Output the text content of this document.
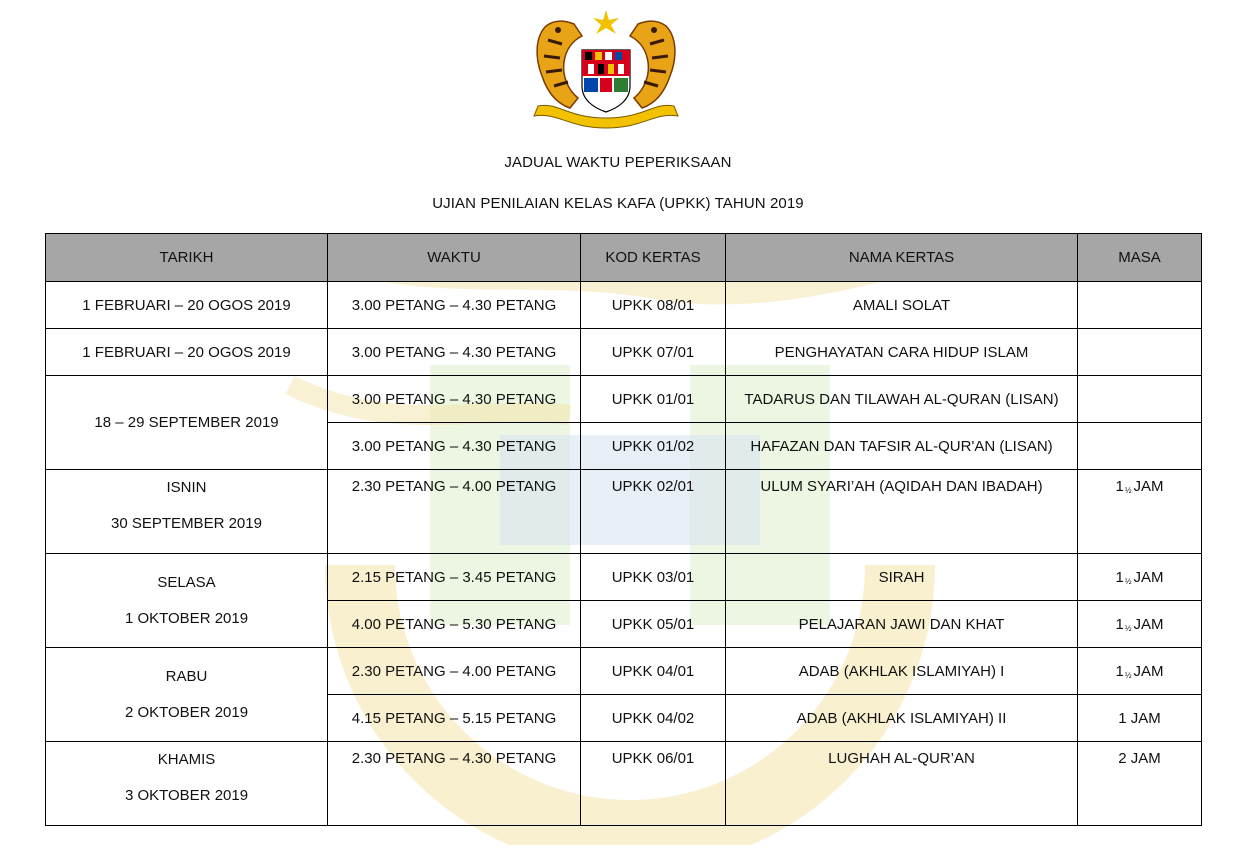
JADUAL WAKTU PEPERIKSAAN
UJIAN PENILAIAN KELAS KAFA (UPKK) TAHUN 2019
TARIKH	WAKTU	KOD KERTAS	NAMA KERTAS	MASA
1 FEBRUARI – 20 OGOS 2019	3.00 PETANG – 4.30 PETANG	UPKK 08/01	AMALI SOLAT	
1 FEBRUARI – 20 OGOS 2019	3.00 PETANG – 4.30 PETANG	UPKK 07/01	PENGHAYATAN CARA HIDUP ISLAM	
18 – 29 SEPTEMBER 2019	3.00 PETANG – 4.30 PETANG	UPKK 01/01	TADARUS DAN TILAWAH AL-QURAN (LISAN)	
	3.00 PETANG – 4.30 PETANG	UPKK 01/02	HAFAZAN DAN TAFSIR AL-QUR'AN (LISAN)	

ISNIN
30 SEPTEMBER 2019	2.30 PETANG – 4.00 PETANG	UPKK 02/01	ULUM SYARI’AH (AQIDAH DAN IBADAH)	1½ JAM

SELASA
1 OKTOBER 2019	2.15 PETANG – 3.45 PETANG	UPKK 03/01	SIRAH	1½ JAM
	4.00 PETANG – 5.30 PETANG	UPKK 05/01	PELAJARAN JAWI DAN KHAT	1½ JAM

RABU
2 OKTOBER 2019	2.30 PETANG – 4.00 PETANG	UPKK 04/01	ADAB (AKHLAK ISLAMIYAH) I	1½ JAM
	4.15 PETANG – 5.15 PETANG	UPKK 04/02	ADAB (AKHLAK ISLAMIYAH) II	1 JAM

KHAMIS
3 OKTOBER 2019	2.30 PETANG – 4.30 PETANG	UPKK 06/01	LUGHAH AL-QUR’AN	2 JAM
